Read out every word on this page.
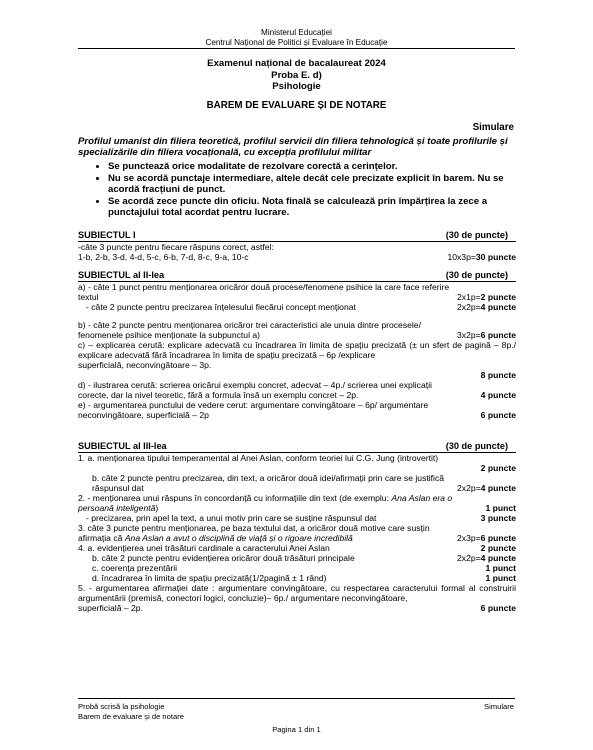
Ministerul Educației
Centrul Național de Politici și Evaluare în Educație
Examenul național de bacalaureat 2024
Proba E. d)
Psihologie
BAREM DE EVALUARE ȘI DE NOTARE
Simulare
Profilul umanist din filiera teoretică, profilul servicii din filiera tehnologică și toate profilurile și specializările din filiera vocațională, cu excepția profilului militar
• Se punctează orice modalitate de rezolvare corectă a cerințelor.
• Nu se acordă punctaje intermediare, altele decât cele precizate explicit în barem. Nu se acordă fracțiuni de punct.
• Se acordă zece puncte din oficiu. Nota finală se calculează prin împărțirea la zece a punctajului total acordat pentru lucrare.
SUBIECTUL I	(30 de puncte)
-câte 3 puncte pentru fiecare răspuns corect, astfel:
1-b, 2-b, 3-d, 4-d, 5-c, 6-b, 7-d, 8-c, 9-a, 10-c	10x3p=30 puncte
SUBIECTUL al II-lea	(30 de puncte)
a) - câte 1 punct pentru menționarea oricăror două procese/fenomene psihice la care face referire
textul	2x1p=2 puncte
- câte 2 puncte pentru precizarea înțelesului fiecărui concept menționat	2x2p=4 puncte
b) - câte 2 puncte pentru menționarea oricăror trei caracteristici ale unuia dintre procesele/
fenomenele psihice menționate la subpunctul a)	3x2p=6 puncte
c) – explicarea cerută: explicare adecvată cu încadrarea în limita de spațiu precizată (± un sfert de pagină – 8p./ explicare adecvată fără încadrarea în limita de spațiu precizată – 6p /explicare
superficială, neconvingătoare – 3p.
8 puncte
d) - ilustrarea cerută: scrierea oricărui exemplu concret, adecvat – 4p./ scrierea unei explicații
corecte, dar la nivel teoretic, fără a formula însă un exemplu concret – 2p.	4 puncte
e) - argumentarea punctului de vedere cerut: argumentare convingătoare – 6p/ argumentare
neconvingătoare, superficială – 2p	6 puncte
SUBIECTUL al III-lea	(30 de puncte)
1. a. menționarea tipului temperamental al Anei Aslan, conform teoriei lui C.G. Jung (introvertit)
2 puncte
b. câte 2 puncte pentru precizarea, din text, a oricăror două idei/afirmații prin care se justifică
răspunsul dat	2x2p=4 puncte
2. - menționarea unui răspuns în concordanță cu informațiile din text (de exemplu: Ana Aslan era o
persoană inteligentă)	1 punct
- precizarea, prin apel la text, a unui motiv prin care se susține răspunsul dat	3 puncte
3. câte 3 puncte pentru menționarea, pe baza textului dat, a oricăror două motive care susțin
afirmația că Ana Aslan a avut o disciplină de viață și o rigoare incredibilă	2x3p=6 puncte
4. a. evidențierea unei trăsături cardinale a caracterului Anei Aslan	2 puncte
b. câte 2 puncte pentru evidențierea oricăror două trăsături principale	2x2p=4 puncte
c. coerența prezentării	1 punct
d. încadrarea în limita de spațiu precizată(1/2pagină ± 1 rând)	1 punct
5. - argumentarea afirmației date : argumentare convingătoare, cu respectarea caracterului formal al construirii argumentării (premisă, conectori logici, concluzie)– 6p./ argumentare neconvingătoare,
superficială – 2p.	6 puncte
Probă scrisă la psihologie
Barem de evaluare și de notare
Simulare
Pagina 1 din 1
